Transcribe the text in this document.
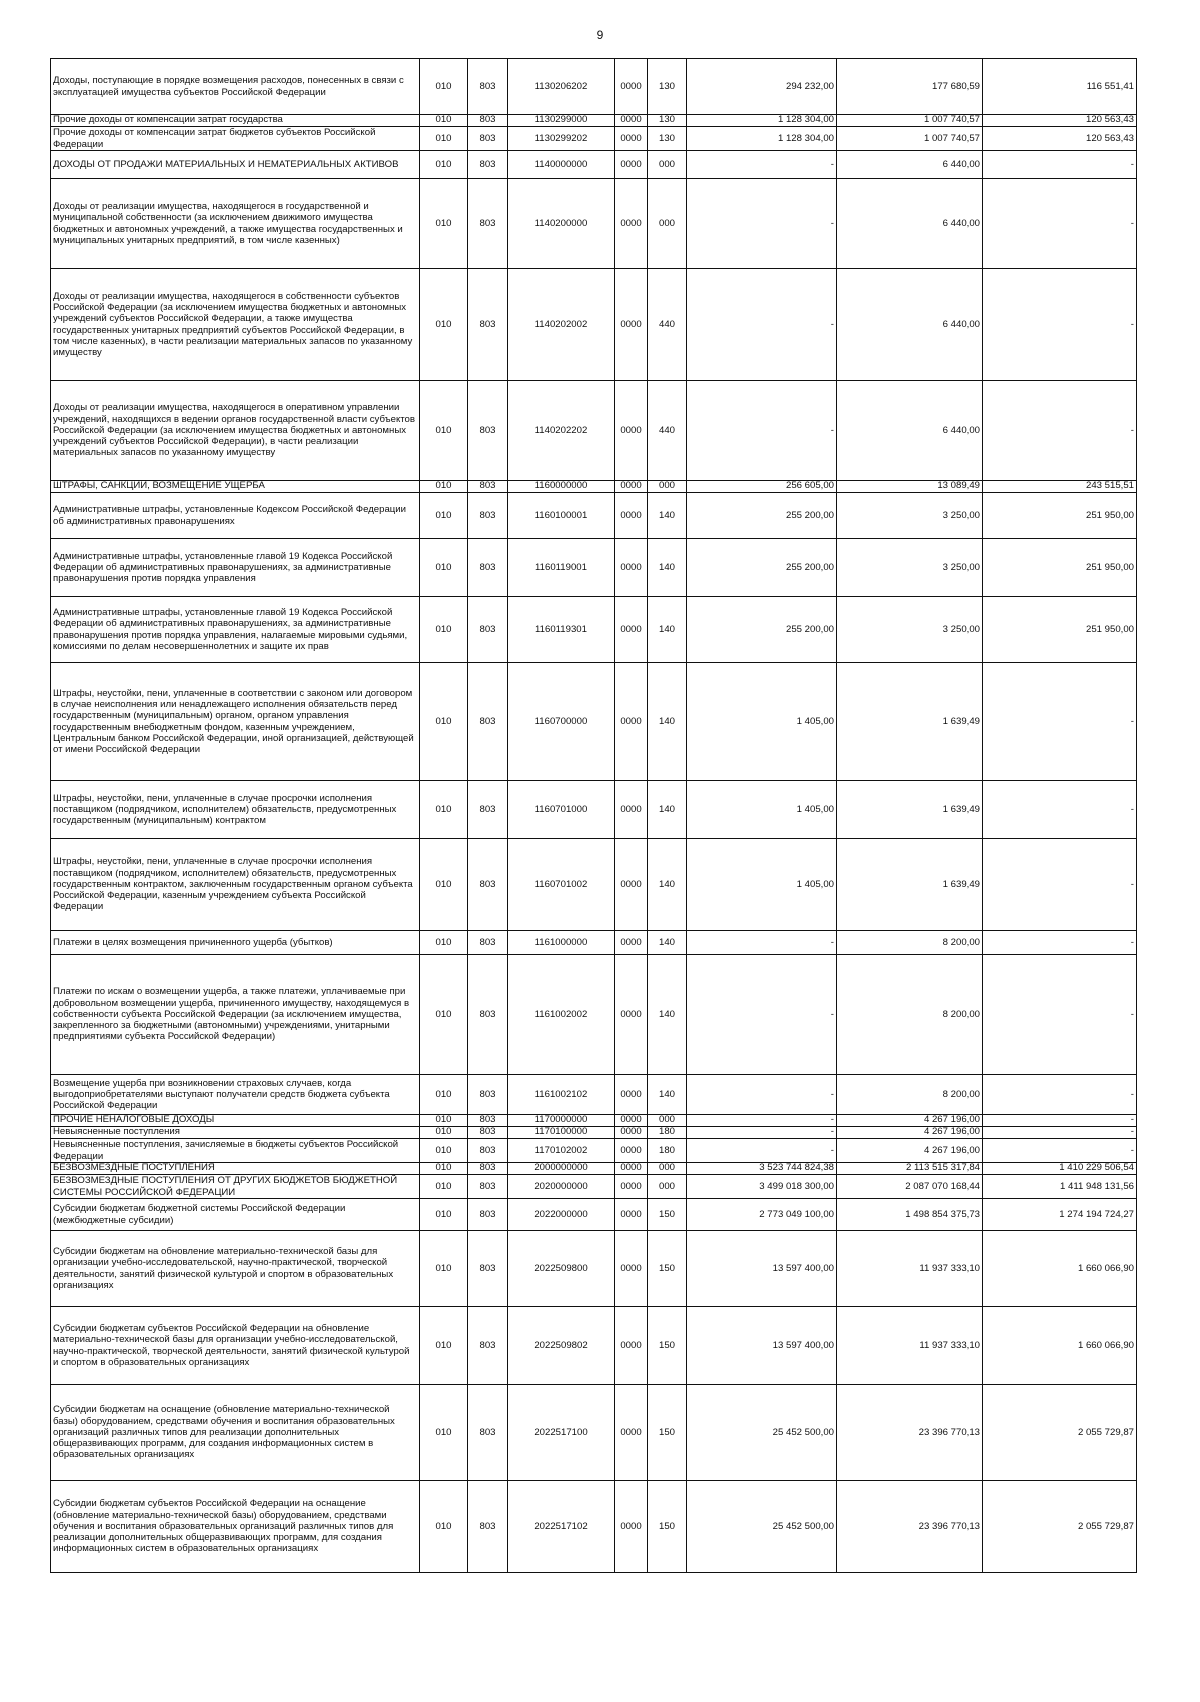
9
Доходы, поступающие в порядке возмещения расходов, понесенных в связи с эксплуатацией имущества субъектов Российской Федерации	010	803	1130206202	0000	130	294 232,00	177 680,59	116 551,41
Прочие доходы от компенсации затрат государства	010	803	1130299000	0000	130	1 128 304,00	1 007 740,57	120 563,43
Прочие доходы от компенсации затрат бюджетов субъектов Российской Федерации	010	803	1130299202	0000	130	1 128 304,00	1 007 740,57	120 563,43
ДОХОДЫ ОТ ПРОДАЖИ МАТЕРИАЛЬНЫХ И НЕМАТЕРИАЛЬНЫХ АКТИВОВ	010	803	1140000000	0000	000	-	6 440,00	-
Доходы от реализации имущества, находящегося в государственной и муниципальной собственности (за исключением движимого имущества бюджетных и автономных учреждений, а также имущества государственных и муниципальных унитарных предприятий, в том числе казенных)	010	803	1140200000	0000	000	-	6 440,00	-
Доходы от реализации имущества, находящегося в собственности субъектов Российской Федерации (за исключением имущества бюджетных и автономных учреждений субъектов Российской Федерации, а также имущества государственных унитарных предприятий субъектов Российской Федерации, в том числе казенных), в части реализации материальных запасов по указанному имуществу	010	803	1140202002	0000	440	-	6 440,00	-
Доходы от реализации имущества, находящегося в оперативном управлении учреждений, находящихся в ведении органов государственной власти субъектов Российской Федерации (за исключением имущества бюджетных и автономных учреждений субъектов Российской Федерации), в части реализации материальных запасов по указанному имуществу	010	803	1140202202	0000	440	-	6 440,00	-
ШТРАФЫ, САНКЦИИ, ВОЗМЕЩЕНИЕ УЩЕРБА	010	803	1160000000	0000	000	256 605,00	13 089,49	243 515,51
Административные штрафы, установленные Кодексом Российской Федерации об административных правонарушениях	010	803	1160100001	0000	140	255 200,00	3 250,00	251 950,00
Административные штрафы, установленные главой 19 Кодекса Российской Федерации об административных правонарушениях, за административные правонарушения против порядка управления	010	803	1160119001	0000	140	255 200,00	3 250,00	251 950,00
Административные штрафы, установленные главой 19 Кодекса Российской Федерации об административных правонарушениях, за административные правонарушения против порядка управления, налагаемые мировыми судьями, комиссиями по делам несовершеннолетних и защите их прав	010	803	1160119301	0000	140	255 200,00	3 250,00	251 950,00
Штрафы, неустойки, пени, уплаченные в соответствии с законом или договором в случае неисполнения или ненадлежащего исполнения обязательств перед государственным (муниципальным) органом, органом управления государственным внебюджетным фондом, казенным учреждением, Центральным банком Российской Федерации, иной организацией, действующей от имени Российской Федерации	010	803	1160700000	0000	140	1 405,00	1 639,49	-
Штрафы, неустойки, пени, уплаченные в случае просрочки исполнения поставщиком (подрядчиком, исполнителем) обязательств, предусмотренных государственным (муниципальным) контрактом	010	803	1160701000	0000	140	1 405,00	1 639,49	-
Штрафы, неустойки, пени, уплаченные в случае просрочки исполнения поставщиком (подрядчиком, исполнителем) обязательств, предусмотренных государственным контрактом, заключенным государственным органом субъекта Российской Федерации, казенным учреждением субъекта Российской Федерации	010	803	1160701002	0000	140	1 405,00	1 639,49	-
Платежи в целях возмещения причиненного ущерба (убытков)	010	803	1161000000	0000	140	-	8 200,00	-
Платежи по искам о возмещении ущерба, а также платежи, уплачиваемые при добровольном возмещении ущерба, причиненного имуществу, находящемуся в собственности субъекта Российской Федерации (за исключением имущества, закрепленного за бюджетными (автономными) учреждениями, унитарными предприятиями субъекта Российской Федерации)	010	803	1161002002	0000	140	-	8 200,00	-
Возмещение ущерба при возникновении страховых случаев, когда выгодоприобретателями выступают получатели средств бюджета субъекта Российской Федерации	010	803	1161002102	0000	140	-	8 200,00	-
ПРОЧИЕ НЕНАЛОГОВЫЕ ДОХОДЫ	010	803	1170000000	0000	000	-	4 267 196,00	-
Невыясненные поступления	010	803	1170100000	0000	180	-	4 267 196,00	-
Невыясненные поступления, зачисляемые в бюджеты субъектов Российской Федерации	010	803	1170102002	0000	180	-	4 267 196,00	-
БЕЗВОЗМЕЗДНЫЕ ПОСТУПЛЕНИЯ	010	803	2000000000	0000	000	3 523 744 824,38	2 113 515 317,84	1 410 229 506,54
БЕЗВОЗМЕЗДНЫЕ ПОСТУПЛЕНИЯ ОТ ДРУГИХ БЮДЖЕТОВ БЮДЖЕТНОЙ СИСТЕМЫ РОССИЙСКОЙ ФЕДЕРАЦИИ	010	803	2020000000	0000	000	3 499 018 300,00	2 087 070 168,44	1 411 948 131,56
Субсидии бюджетам бюджетной системы Российской Федерации (межбюджетные субсидии)	010	803	2022000000	0000	150	2 773 049 100,00	1 498 854 375,73	1 274 194 724,27
Субсидии бюджетам на обновление материально-технической базы для организации учебно-исследовательской, научно-практической, творческой деятельности, занятий физической культурой и спортом в образовательных организациях	010	803	2022509800	0000	150	13 597 400,00	11 937 333,10	1 660 066,90
Субсидии бюджетам субъектов Российской Федерации на обновление материально-технической базы для организации учебно-исследовательской, научно-практической, творческой деятельности, занятий физической культурой и спортом в образовательных организациях	010	803	2022509802	0000	150	13 597 400,00	11 937 333,10	1 660 066,90
Субсидии бюджетам на оснащение (обновление материально-технической базы) оборудованием, средствами обучения и воспитания образовательных организаций различных типов для реализации дополнительных общеразвивающих программ, для создания информационных систем в образовательных организациях	010	803	2022517100	0000	150	25 452 500,00	23 396 770,13	2 055 729,87
Субсидии бюджетам субъектов Российской Федерации на оснащение (обновление материально-технической базы) оборудованием, средствами обучения и воспитания образовательных организаций различных типов для реализации дополнительных общеразвивающих программ, для создания информационных систем в образовательных организациях	010	803	2022517102	0000	150	25 452 500,00	23 396 770,13	2 055 729,87
